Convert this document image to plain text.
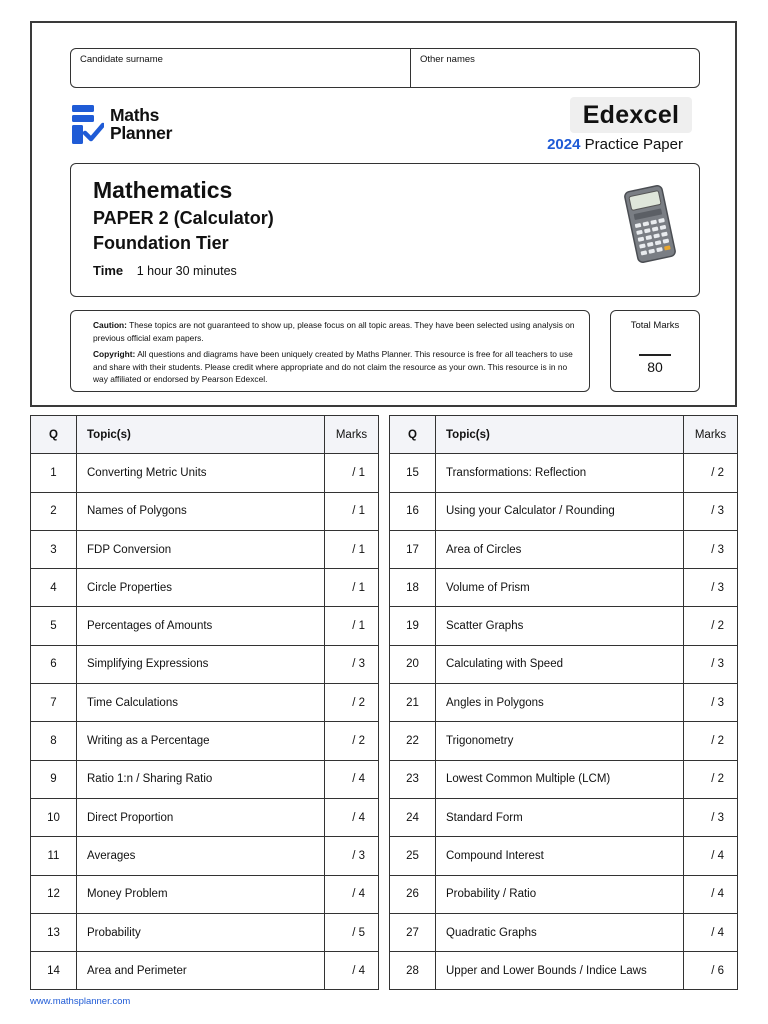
Candidate surname	Other names
Maths
Planner
Edexcel
2024 Practice Paper
Mathematics
PAPER 2 (Calculator)
Foundation Tier
Time 1 hour 30 minutes

Caution: These topics are not guaranteed to show up, please focus on all topic areas. They have been selected using analysis on previous official exam papers.

Copyright: All questions and diagrams have been uniquely created by Maths Planner. This resource is free for all teachers to use and share with their students. Please credit where appropriate and do not claim the resource as your own. This resource is in no way affiliated or endorsed by Pearson Edexcel.

Total Marks
80
Q	Topic(s)	Marks
1	Converting Metric Units	/ 1
2	Names of Polygons	/ 1
3	FDP Conversion	/ 1
4	Circle Properties	/ 1
5	Percentages of Amounts	/ 1
6	Simplifying Expressions	/ 3
7	Time Calculations	/ 2
8	Writing as a Percentage	/ 2
9	Ratio 1:n / Sharing Ratio	/ 4
10	Direct Proportion	/ 4
11	Averages	/ 3
12	Money Problem	/ 4
13	Probability	/ 5
14	Area and Perimeter	/ 4
Q	Topic(s)	Marks
15	Transformations: Reflection	/ 2
16	Using your Calculator / Rounding	/ 3
17	Area of Circles	/ 3
18	Volume of Prism	/ 3
19	Scatter Graphs	/ 2
20	Calculating with Speed	/ 3
21	Angles in Polygons	/ 3
22	Trigonometry	/ 2
23	Lowest Common Multiple (LCM)	/ 2
24	Standard Form	/ 3
25	Compound Interest	/ 4
26	Probability / Ratio	/ 4
27	Quadratic Graphs	/ 4
28	Upper and Lower Bounds / Indice Laws	/ 6
www.mathsplanner.com
